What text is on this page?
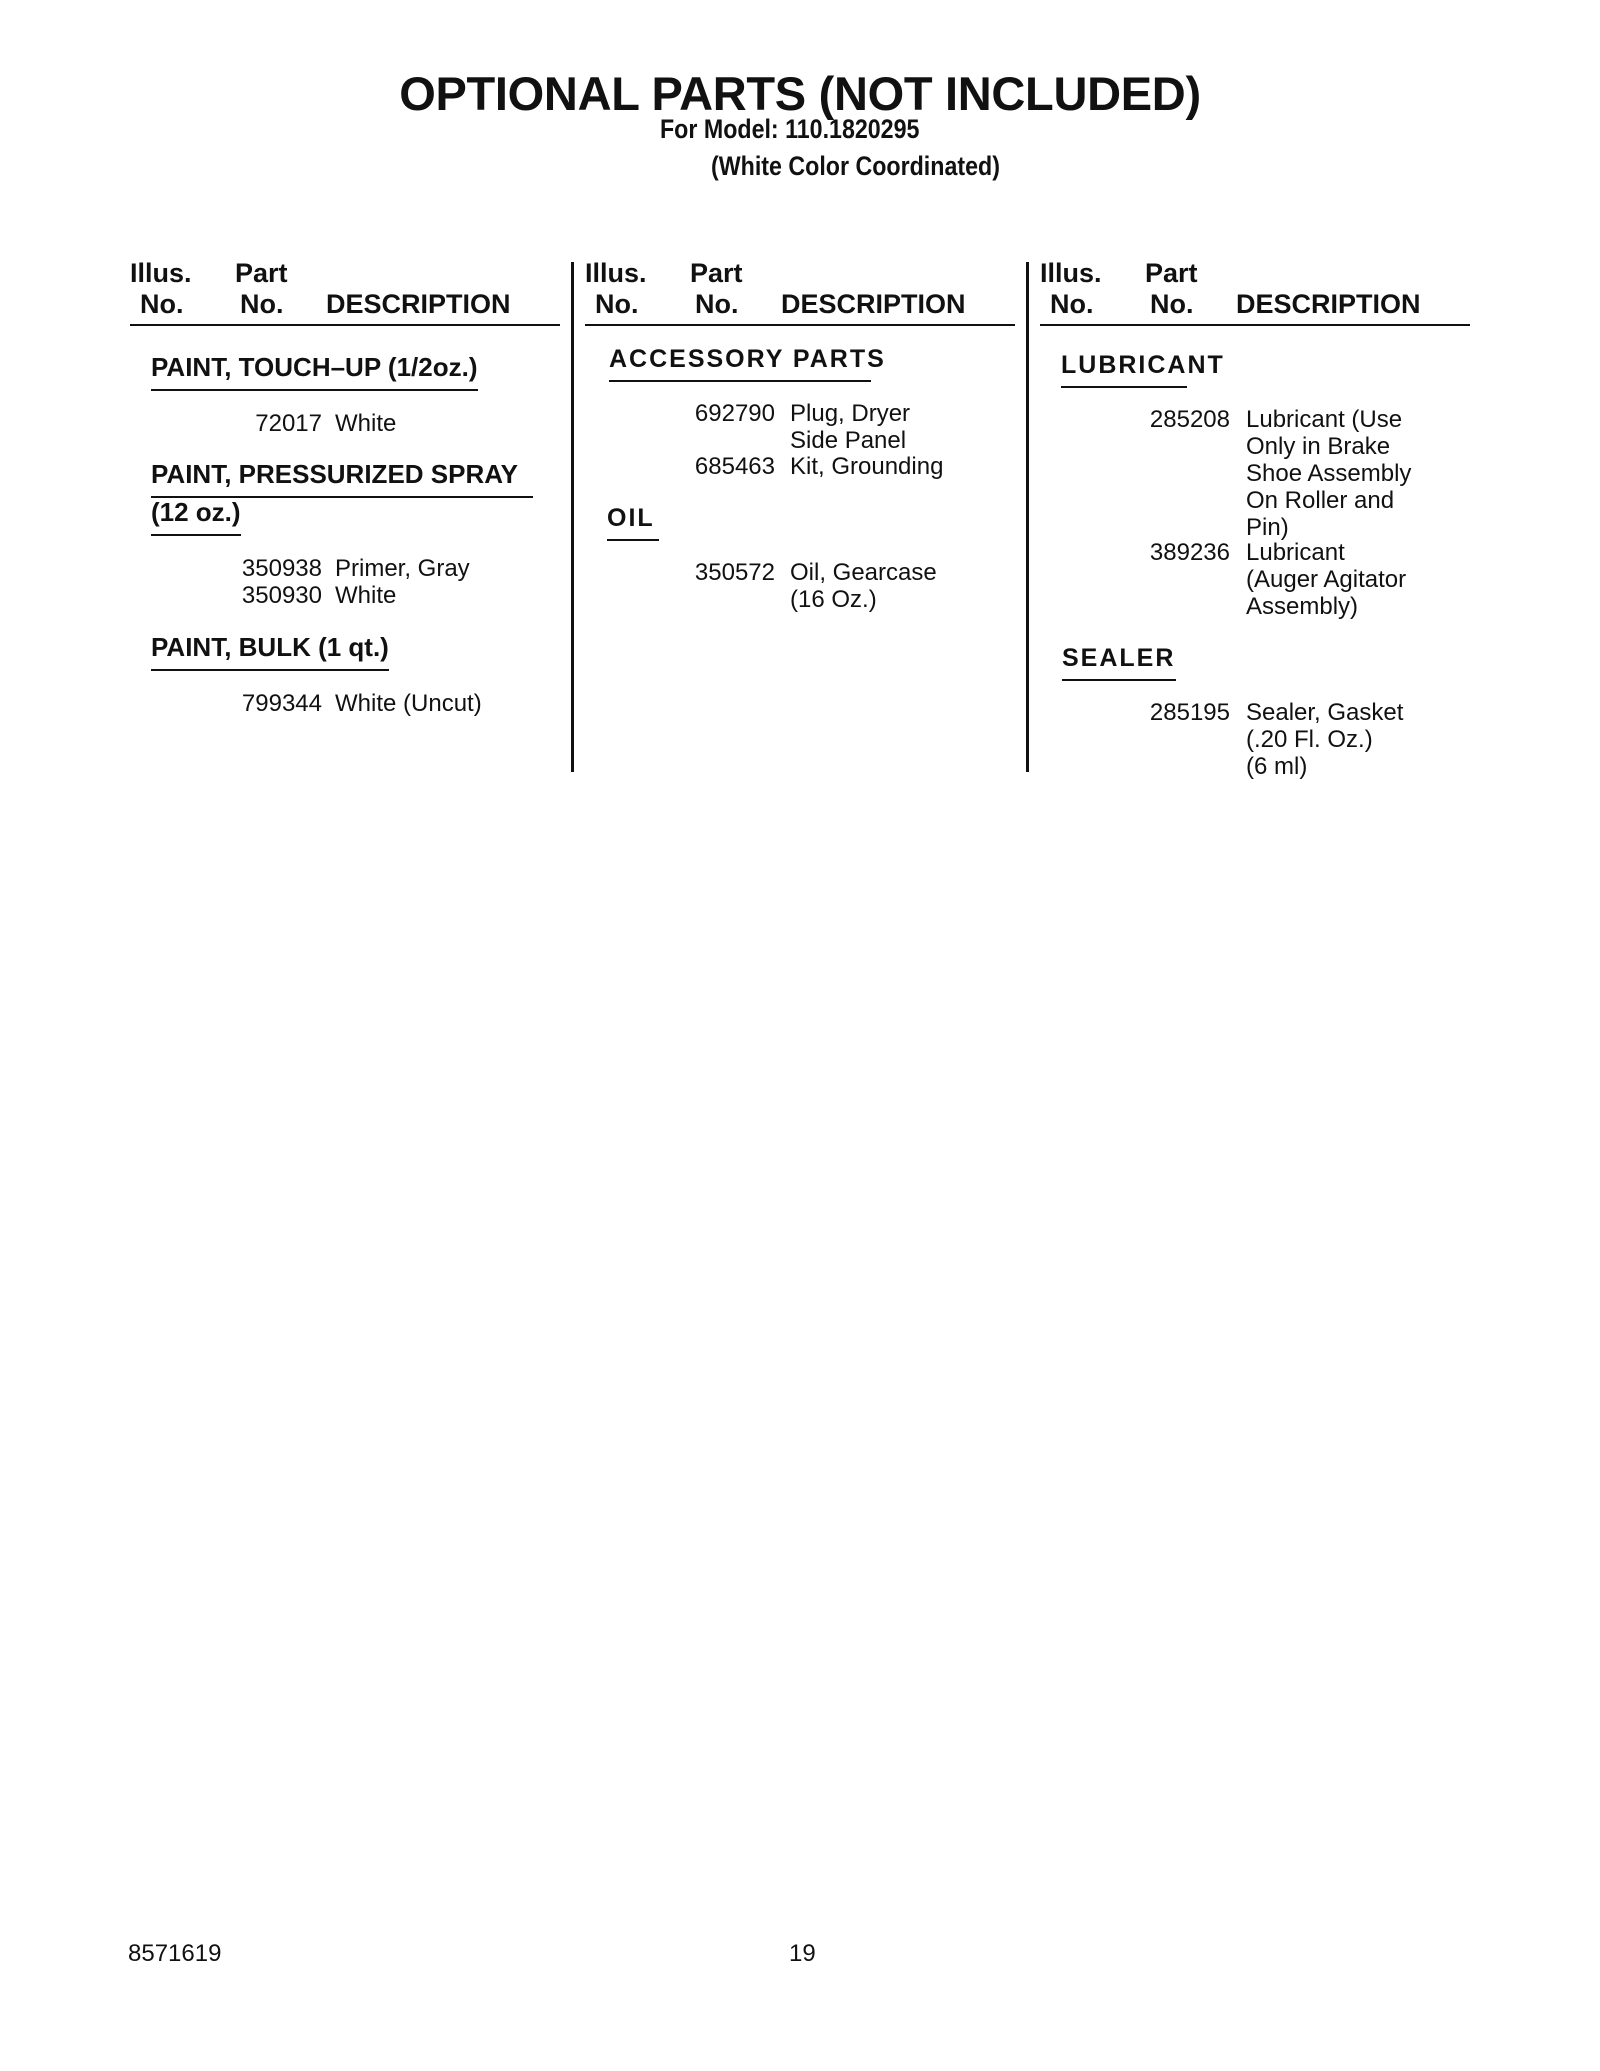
OPTIONAL PARTS (NOT INCLUDED)
For Model: 110.1820295
(White Color Coordinated)
Illus.
No.
Part
No. DESCRIPTION
PAINT, TOUCH–UP (1/2oz.)
72017 White
PAINT, PRESSURIZED SPRAY
(12 oz.)
350938 Primer, Gray
350930 White
PAINT, BULK (1 qt.)
799344 White (Uncut)
Illus.
No.
Part
No. DESCRIPTION
ACCESSORY PARTS
692790 Plug, Dryer
Side Panel
685463 Kit, Grounding
OIL
350572 Oil, Gearcase
(16 Oz.)
Illus.
No.
Part
No. DESCRIPTION
LUBRICANT
285208 Lubricant (Use
Only in Brake
Shoe Assembly
On Roller and
Pin)
389236 Lubricant
(Auger Agitator
Assembly)
SEALER
285195 Sealer, Gasket
(.20 Fl. Oz.)
(6 ml)
8571619	19
